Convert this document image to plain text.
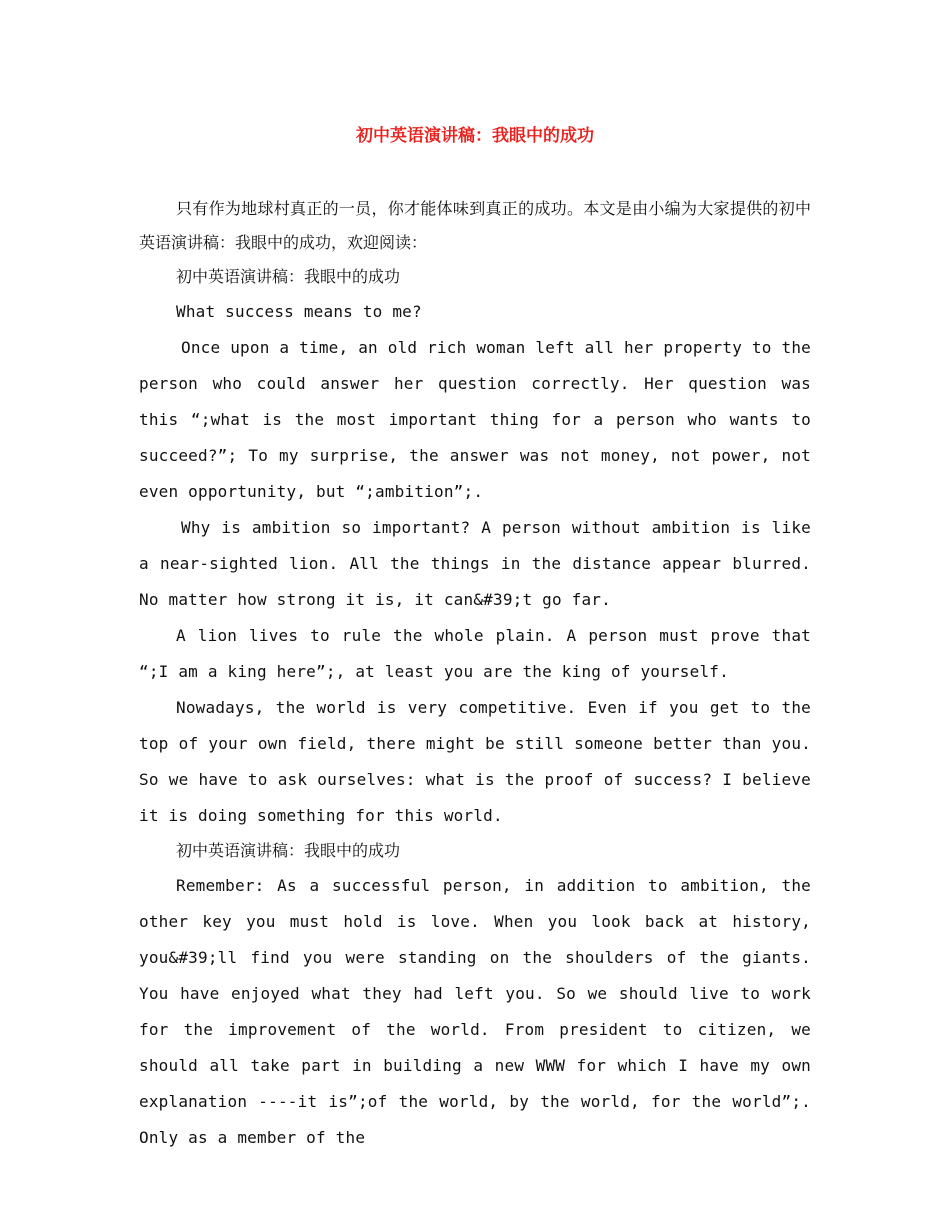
初中英语演讲稿：我眼中的成功

只有作为地球村真正的一员，你才能体味到真正的成功。本文是由小编为大家提供的初中英语演讲稿：我眼中的成功，欢迎阅读：

初中英语演讲稿：我眼中的成功

What success means to me?

Once upon a time, an old rich woman left all her property to the person who could answer her question correctly. Her question was this “;what is the most important thing for a person who wants to succeed?”; To my surprise, the answer was not money, not power, not even opportunity, but “;ambition”;.

Why is ambition so important? A person without ambition is like a near-sighted lion. All the things in the distance appear blurred. No matter how strong it is, it can&#39;t go far.

A lion lives to rule the whole plain. A person must prove that “;I am a king here”;, at least you are the king of yourself.

Nowadays, the world is very competitive. Even if you get to the top of your own field, there might be still someone better than you. So we have to ask ourselves: what is the proof of success? I believe it is doing something for this world.

初中英语演讲稿：我眼中的成功

Remember: As a successful person, in addition to ambition, the other key you must hold is love. When you look back at history, you&#39;ll find you were standing on the shoulders of the giants. You have enjoyed what they had left you. So we should live to work for the improvement of the world. From president to citizen, we should all take part in building a new WWW for which I have my own explanation ----it is”;of the world, by the world, for the world”;. Only as a member of the
